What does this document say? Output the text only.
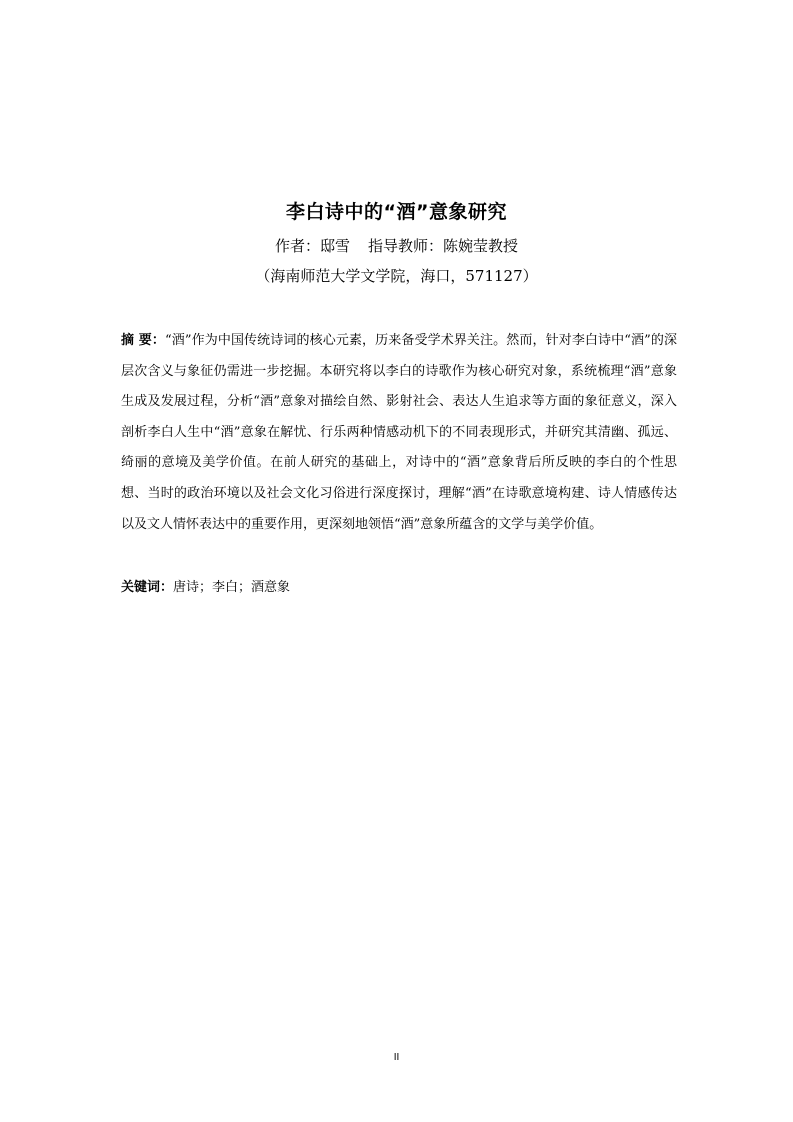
李白诗中的“酒”意象研究
作者：邸雪 指导教师：陈婉莹教授
（海南师范大学文学院，海口，571127）
摘 要：“酒”作为中国传统诗词的核心元素，历来备受学术界关注。然而，针对李白诗中“酒”的深层次含义与象征仍需进一步挖掘。本研究将以李白的诗歌作为核心研究对象，系统梳理“酒”意象生成及发展过程，分析“酒”意象对描绘自然、影射社会、表达人生追求等方面的象征意义，深入剖析李白人生中“酒”意象在解忧、行乐两种情感动机下的不同表现形式，并研究其清幽、孤远、绮丽的意境及美学价值。在前人研究的基础上，对诗中的“酒”意象背后所反映的李白的个性思想、当时的政治环境以及社会文化习俗进行深度探讨，理解“酒”在诗歌意境构建、诗人情感传达以及文人情怀表达中的重要作用，更深刻地领悟“酒”意象所蕴含的文学与美学价值。
关键词：唐诗；李白；酒意象
II
